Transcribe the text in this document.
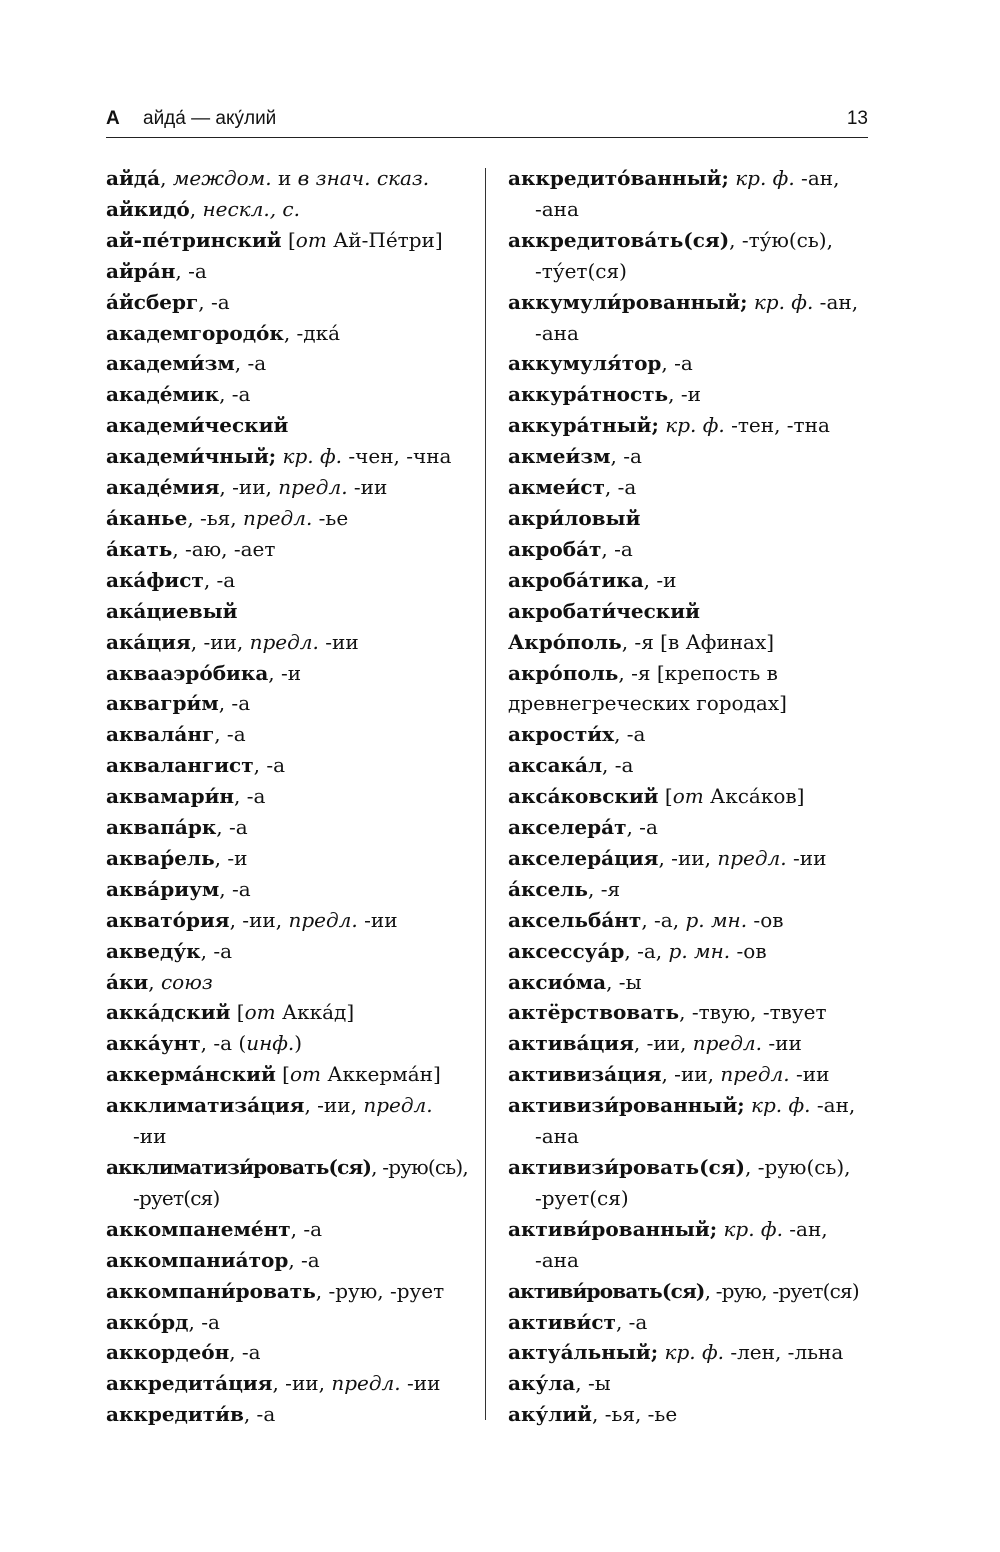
А айда́ — аку́лий	13
айда́, междом. и в знач. сказ.
айкидо́, нескл., с.
ай-пе́тринский [от Ай-Пе́три]
айра́н, -а
а́йсберг, -а
академгородо́к, -дка́
академи́зм, -а
акаде́мик, -а
академи́ческий
академи́чный; кр. ф. -чен, -чна
акаде́мия, -ии, предл. -ии
а́канье, -ья, предл. -ье
а́кать, -аю, -ает
ака́фист, -а
ака́циевый
ака́ция, -ии, предл. -ии
аквааэро́бика, -и
аквагри́м, -а
аквала́нг, -а
аквалангист, -а
аквамари́н, -а
аквапа́рк, -а
аквар́ель, -и
аква́риум, -а
аквато́рия, -ии, предл. -ии
акведу́к, -а
а́ки, союз
акка́дский [от Акка́д]
акка́унт, -а (инф.)
аккерма́нский [от Аккерма́н]
акклиматиза́ция, -ии, предл.
-ии
акклиматизи́ровать(ся), -рую(сь),
-рует(ся)
аккомпанеме́нт, -а
аккомпаниа́тор, -а
аккомпани́ровать, -рую, -рует
акко́рд, -а
аккордео́н, -а
аккредита́ция, -ии, предл. -ии
аккредити́в, -а
аккредито́ванный; кр. ф. -ан,
-ана
аккредитова́ть(ся), -ту́ю(сь),
-ту́ет(ся)
аккумули́рованный; кр. ф. -ан,
-ана
аккумуля́тор, -а
аккура́тность, -и
аккура́тный; кр. ф. -тен, -тна
акмеи́зм, -а
акмеи́ст, -а
акри́ловый
акроба́т, -а
акроба́тика, -и
акробати́ческий
Акро́поль, -я [в Афинах]
акро́поль, -я [крепость в
древнегреческих городах]
акрости́х, -а
аксака́л, -а
акса́ковский [от Акса́ков]
акселера́т, -а
акселера́ция, -ии, предл. -ии
а́ксель, -я
аксельба́нт, -а, р. мн. -ов
аксессуа́р, -а, р. мн. -ов
аксио́ма, -ы
актёрствовать, -твую, -твует
актива́ция, -ии, предл. -ии
активиза́ция, -ии, предл. -ии
активизи́рованный; кр. ф. -ан,
-ана
активизи́ровать(ся), -рую(сь),
-рует(ся)
активи́рованный; кр. ф. -ан,
-ана
активи́ровать(ся), -рую, -рует(ся)
активи́ст, -а
актуа́льный; кр. ф. -лен, -льна
аку́ла, -ы
аку́лий, -ья, -ье
